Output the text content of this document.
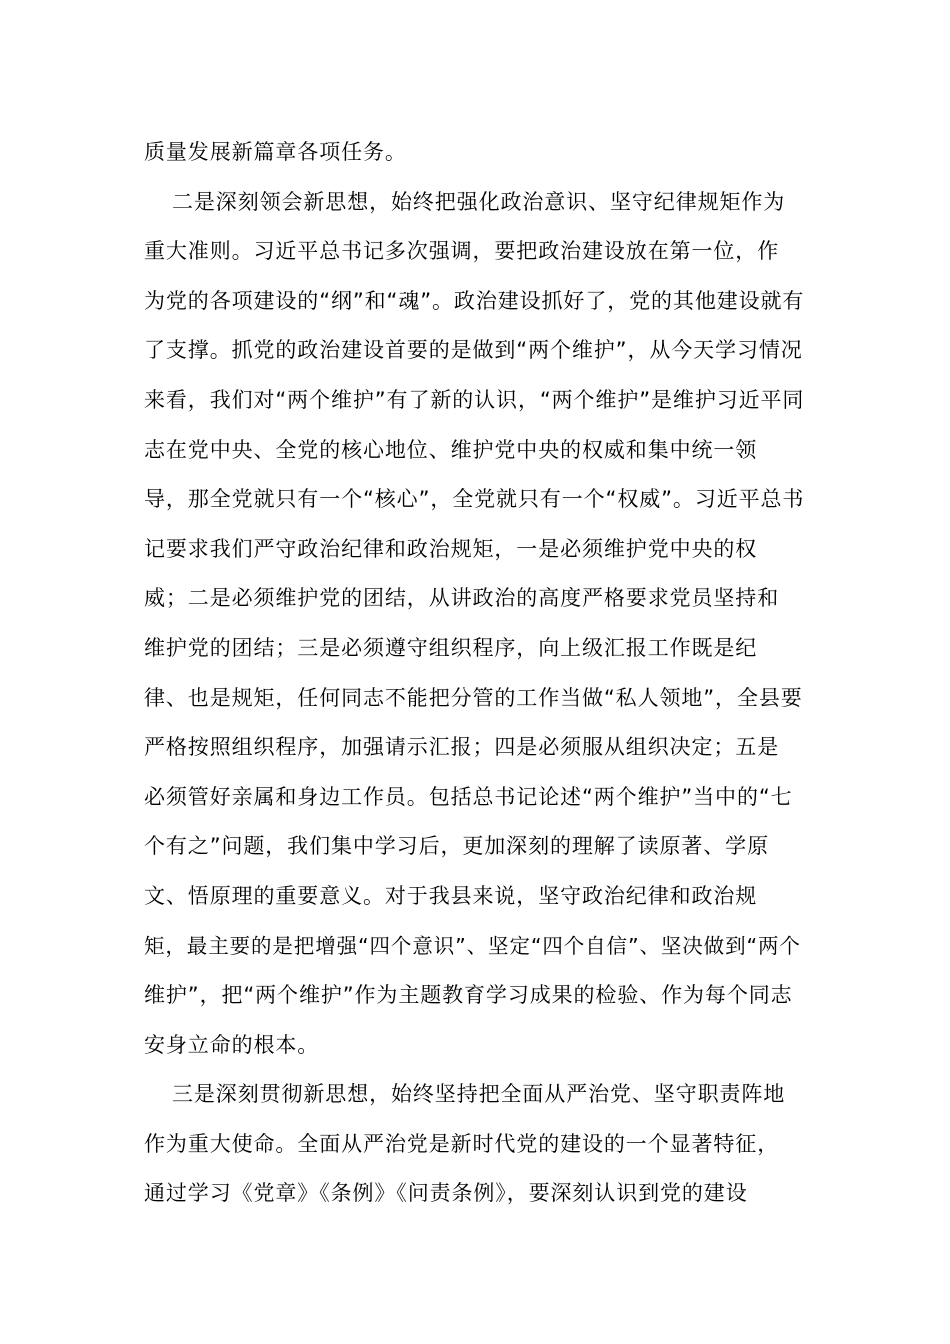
质量发展新篇章各项任务。
二是深刻领会新思想，始终把强化政治意识、坚守纪律规矩作为
重大准则。习近平总书记多次强调，要把政治建设放在第一位，作
为党的各项建设的“纲”和“魂”。政治建设抓好了，党的其他建设就有
了支撑。抓党的政治建设首要的是做到“两个维护”，从今天学习情况
来看，我们对“两个维护”有了新的认识，“两个维护”是维护习近平同
志在党中央、全党的核心地位、维护党中央的权威和集中统一领
导，那全党就只有一个“核心”，全党就只有一个“权威”。习近平总书
记要求我们严守政治纪律和政治规矩，一是必须维护党中央的权
威；二是必须维护党的团结，从讲政治的高度严格要求党员坚持和
维护党的团结；三是必须遵守组织程序，向上级汇报工作既是纪
律、也是规矩，任何同志不能把分管的工作当做“私人领地”，全县要
严格按照组织程序，加强请示汇报；四是必须服从组织决定；五是
必须管好亲属和身边工作员。包括总书记论述“两个维护”当中的“七
个有之”问题，我们集中学习后，更加深刻的理解了读原著、学原
文、悟原理的重要意义。对于我县来说，坚守政治纪律和政治规
矩，最主要的是把增强“四个意识”、坚定“四个自信”、坚决做到“两个
维护”，把“两个维护”作为主题教育学习成果的检验、作为每个同志
安身立命的根本。
三是深刻贯彻新思想，始终坚持把全面从严治党、坚守职责阵地
作为重大使命。全面从严治党是新时代党的建设的一个显著特征，
通过学习《党章》《条例》《问责条例》，要深刻认识到党的建设
